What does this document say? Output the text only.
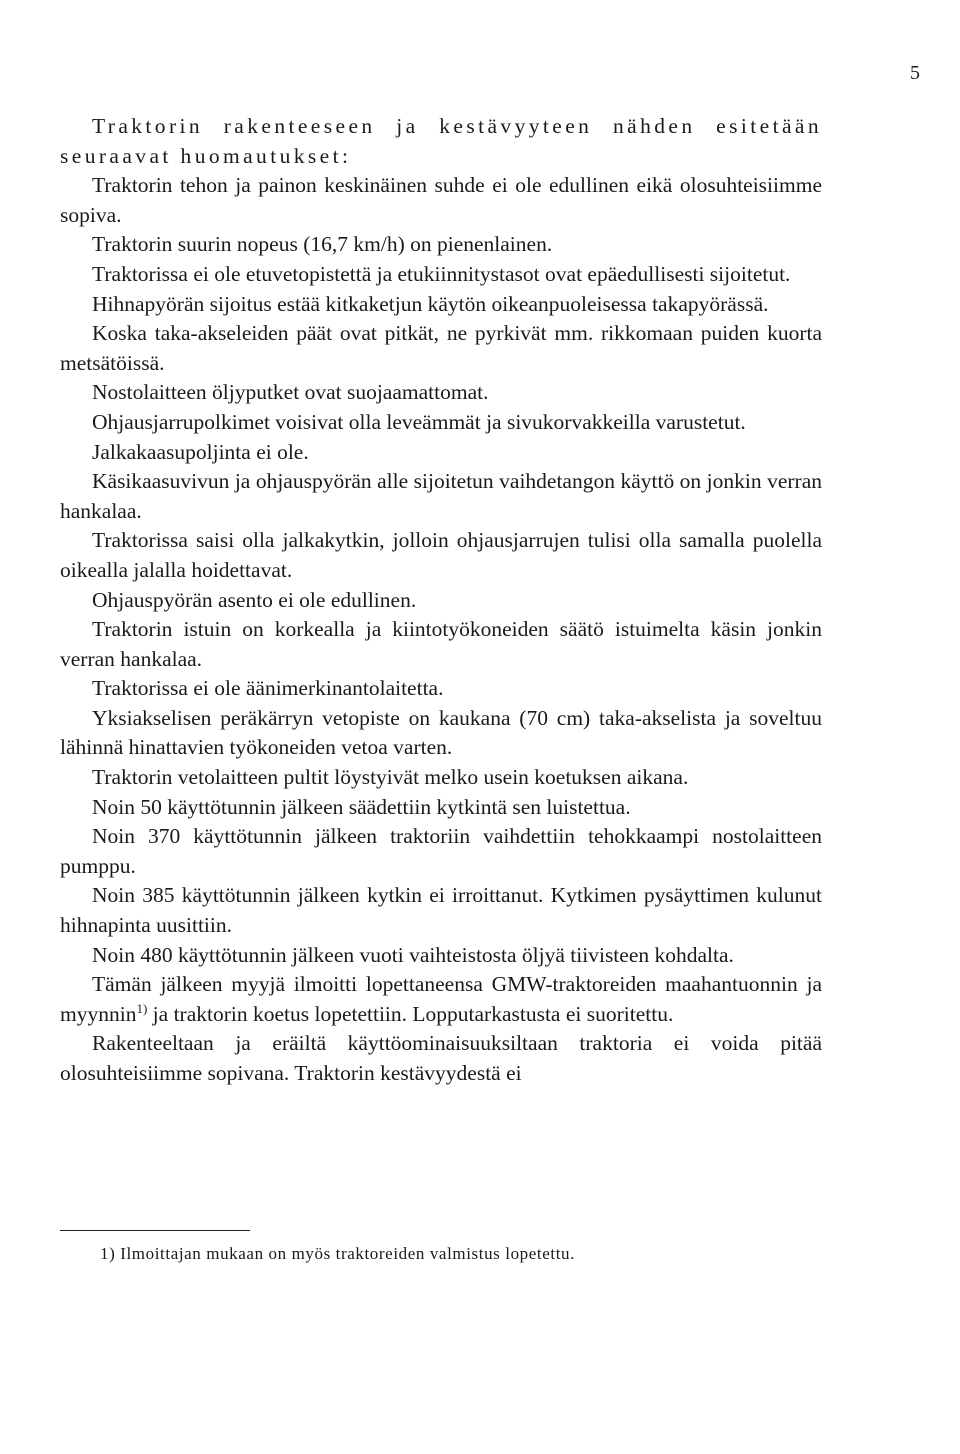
5

Traktorin rakenteeseen ja kestävyyteen nähden esitetään seuraavat huomautukset:

Traktorin tehon ja painon keskinäinen suhde ei ole edullinen eikä olosuhteisiimme sopiva.

Traktorin suurin nopeus (16,7 km/h) on pienenlainen.

Traktorissa ei ole etuvetopistettä ja etukiinnitystasot ovat epäedullisesti sijoitetut.

Hihnapyörän sijoitus estää kitkaketjun käytön oikeanpuoleisessa takapyörässä.

Koska taka-akseleiden päät ovat pitkät, ne pyrkivät mm. rikkomaan puiden kuorta metsätöissä.

Nostolaitteen öljyputket ovat suojaamattomat.

Ohjausjarrupolkimet voisivat olla leveämmät ja sivukorvakkeilla varustetut.

Jalkakaasupoljinta ei ole.

Käsikaasuvivun ja ohjauspyörän alle sijoitetun vaihdetangon käyttö on jonkin verran hankalaa.

Traktorissa saisi olla jalkakytkin, jolloin ohjausjarrujen tulisi olla samalla puolella oikealla jalalla hoidettavat.

Ohjauspyörän asento ei ole edullinen.

Traktorin istuin on korkealla ja kiintotyökoneiden säätö istuimelta käsin jonkin verran hankalaa.

Traktorissa ei ole äänimerkinantolaitetta.

Yksiakselisen peräkärryn vetopiste on kaukana (70 cm) taka-akselista ja soveltuu lähinnä hinattavien työkoneiden vetoa varten.

Traktorin vetolaitteen pultit löystyivät melko usein koetuksen aikana.

Noin 50 käyttötunnin jälkeen säädettiin kytkintä sen luistettua.

Noin 370 käyttötunnin jälkeen traktoriin vaihdettiin tehokkaampi nostolaitteen pumppu.

Noin 385 käyttötunnin jälkeen kytkin ei irroittanut. Kytkimen pysäyttimen kulunut hihnapinta uusittiin.

Noin 480 käyttötunnin jälkeen vuoti vaihteistosta öljyä tiivisteen kohdalta.

Tämän jälkeen myyjä ilmoitti lopettaneensa GMW-traktoreiden maahantuonnin ja myynnin$^{1)}$ ja traktorin koetus lopetettiin. Lopputarkastusta ei suoritettu.

Rakenteeltaan ja eräiltä käyttöominaisuuksiltaan traktoria ei voida pitää olosuhteisiimme sopivana. Traktorin kestävyydestä ei

1) Ilmoittajan mukaan on myös traktoreiden valmistus lopetettu.
